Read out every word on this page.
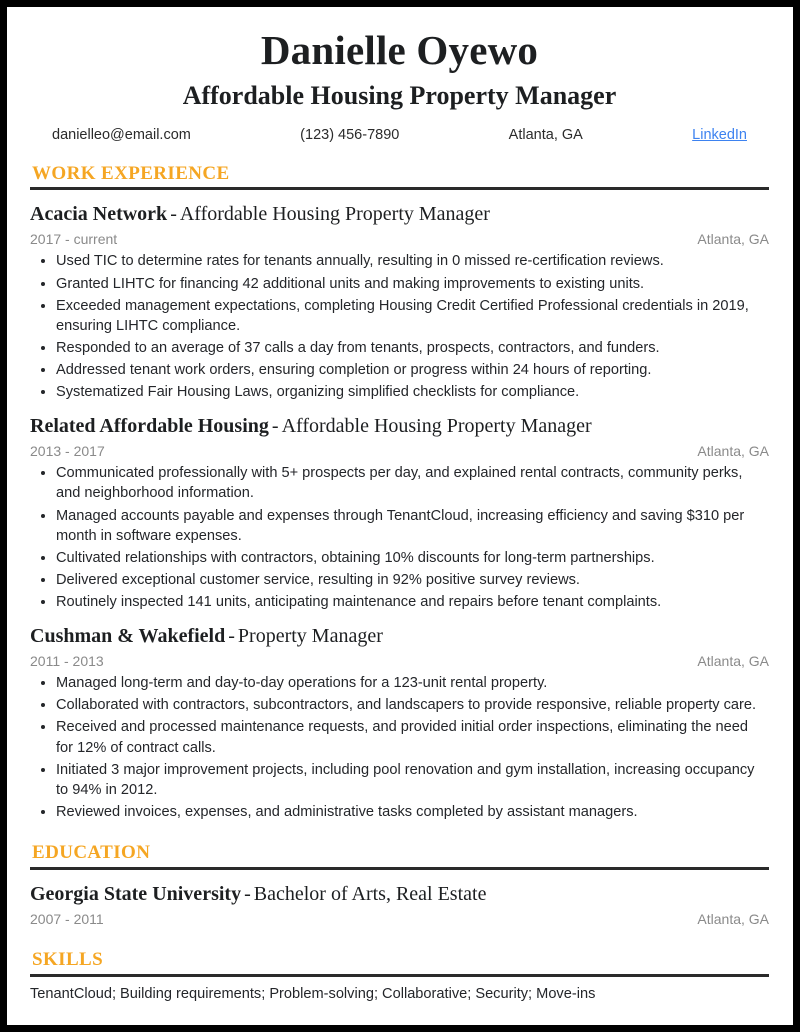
Danielle Oyewo
Affordable Housing Property Manager
danielleo@email.com	(123) 456-7890	Atlanta, GA	LinkedIn
WORK EXPERIENCE
Acacia Network - Affordable Housing Property Manager
2017 - current	Atlanta, GA
Used TIC to determine rates for tenants annually, resulting in 0 missed re-certification reviews.
Granted LIHTC for financing 42 additional units and making improvements to existing units.
Exceeded management expectations, completing Housing Credit Certified Professional credentials in 2019, ensuring LIHTC compliance.
Responded to an average of 37 calls a day from tenants, prospects, contractors, and funders.
Addressed tenant work orders, ensuring completion or progress within 24 hours of reporting.
Systematized Fair Housing Laws, organizing simplified checklists for compliance.
Related Affordable Housing - Affordable Housing Property Manager
2013 - 2017	Atlanta, GA
Communicated professionally with 5+ prospects per day, and explained rental contracts, community perks, and neighborhood information.
Managed accounts payable and expenses through TenantCloud, increasing efficiency and saving $310 per month in software expenses.
Cultivated relationships with contractors, obtaining 10% discounts for long-term partnerships.
Delivered exceptional customer service, resulting in 92% positive survey reviews.
Routinely inspected 141 units, anticipating maintenance and repairs before tenant complaints.
Cushman & Wakefield - Property Manager
2011 - 2013	Atlanta, GA
Managed long-term and day-to-day operations for a 123-unit rental property.
Collaborated with contractors, subcontractors, and landscapers to provide responsive, reliable property care.
Received and processed maintenance requests, and provided initial order inspections, eliminating the need for 12% of contract calls.
Initiated 3 major improvement projects, including pool renovation and gym installation, increasing occupancy to 94% in 2012.
Reviewed invoices, expenses, and administrative tasks completed by assistant managers.
EDUCATION
Georgia State University - Bachelor of Arts, Real Estate
2007 - 2011	Atlanta, GA
SKILLS
TenantCloud; Building requirements; Problem-solving; Collaborative; Security; Move-ins
